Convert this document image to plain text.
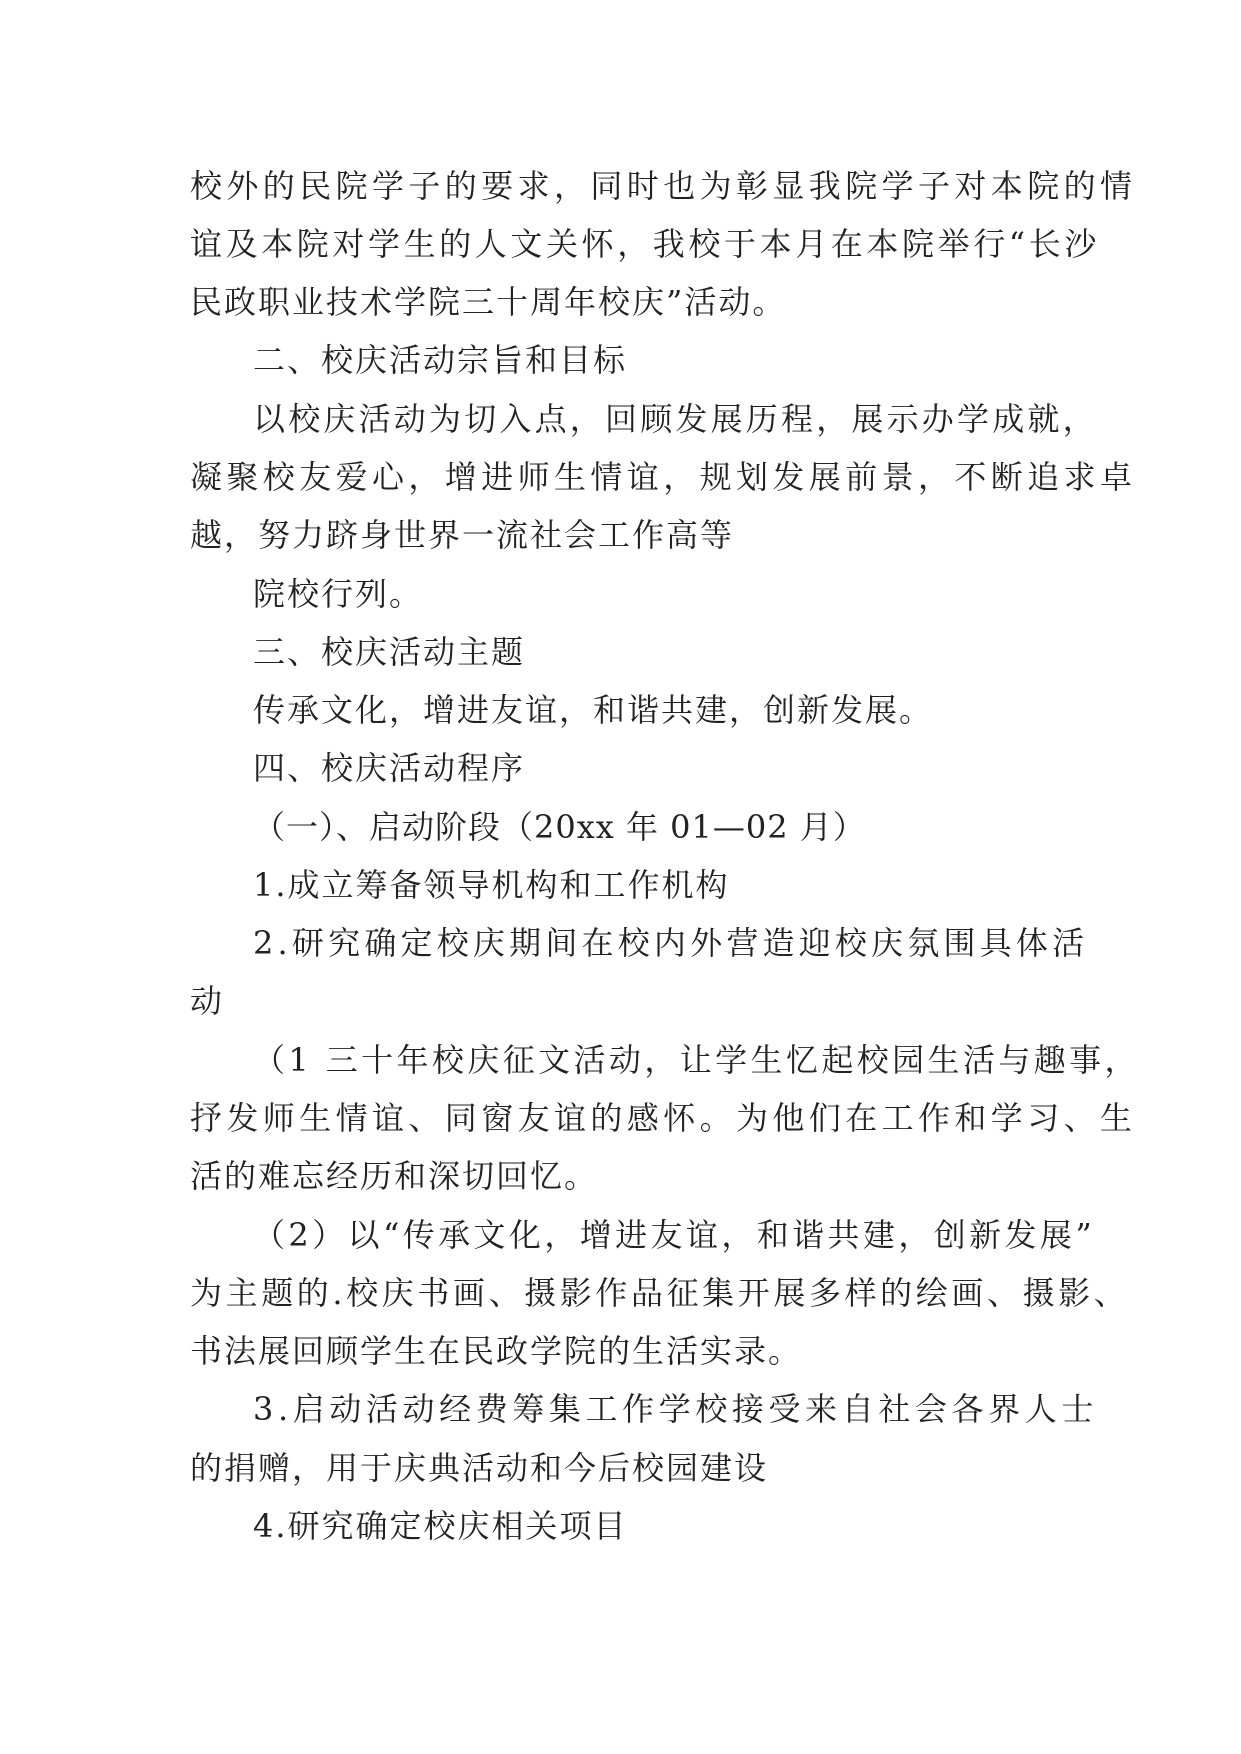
校外的民院学子的要求，同时也为彰显我院学子对本院的情
谊及本院对学生的人文关怀，我校于本月在本院举行“长沙
民政职业技术学院三十周年校庆”活动。
二、校庆活动宗旨和目标
以校庆活动为切入点，回顾发展历程，展示办学成就，
凝聚校友爱心，增进师生情谊，规划发展前景，不断追求卓
越，努力跻身世界一流社会工作高等
院校行列。
三、校庆活动主题
传承文化，增进友谊，和谐共建，创新发展。
四、校庆活动程序
（一）、启动阶段（20xx 年 01—02 月）
1.成立筹备领导机构和工作机构
2.研究确定校庆期间在校内外营造迎校庆氛围具体活
动
（1 三十年校庆征文活动，让学生忆起校园生活与趣事，
抒发师生情谊、同窗友谊的感怀。为他们在工作和学习、生
活的难忘经历和深切回忆。
（2）以“传承文化，增进友谊，和谐共建，创新发展”
为主题的.校庆书画、摄影作品征集开展多样的绘画、摄影、
书法展回顾学生在民政学院的生活实录。
3.启动活动经费筹集工作学校接受来自社会各界人士
的捐赠，用于庆典活动和今后校园建设
4.研究确定校庆相关项目
